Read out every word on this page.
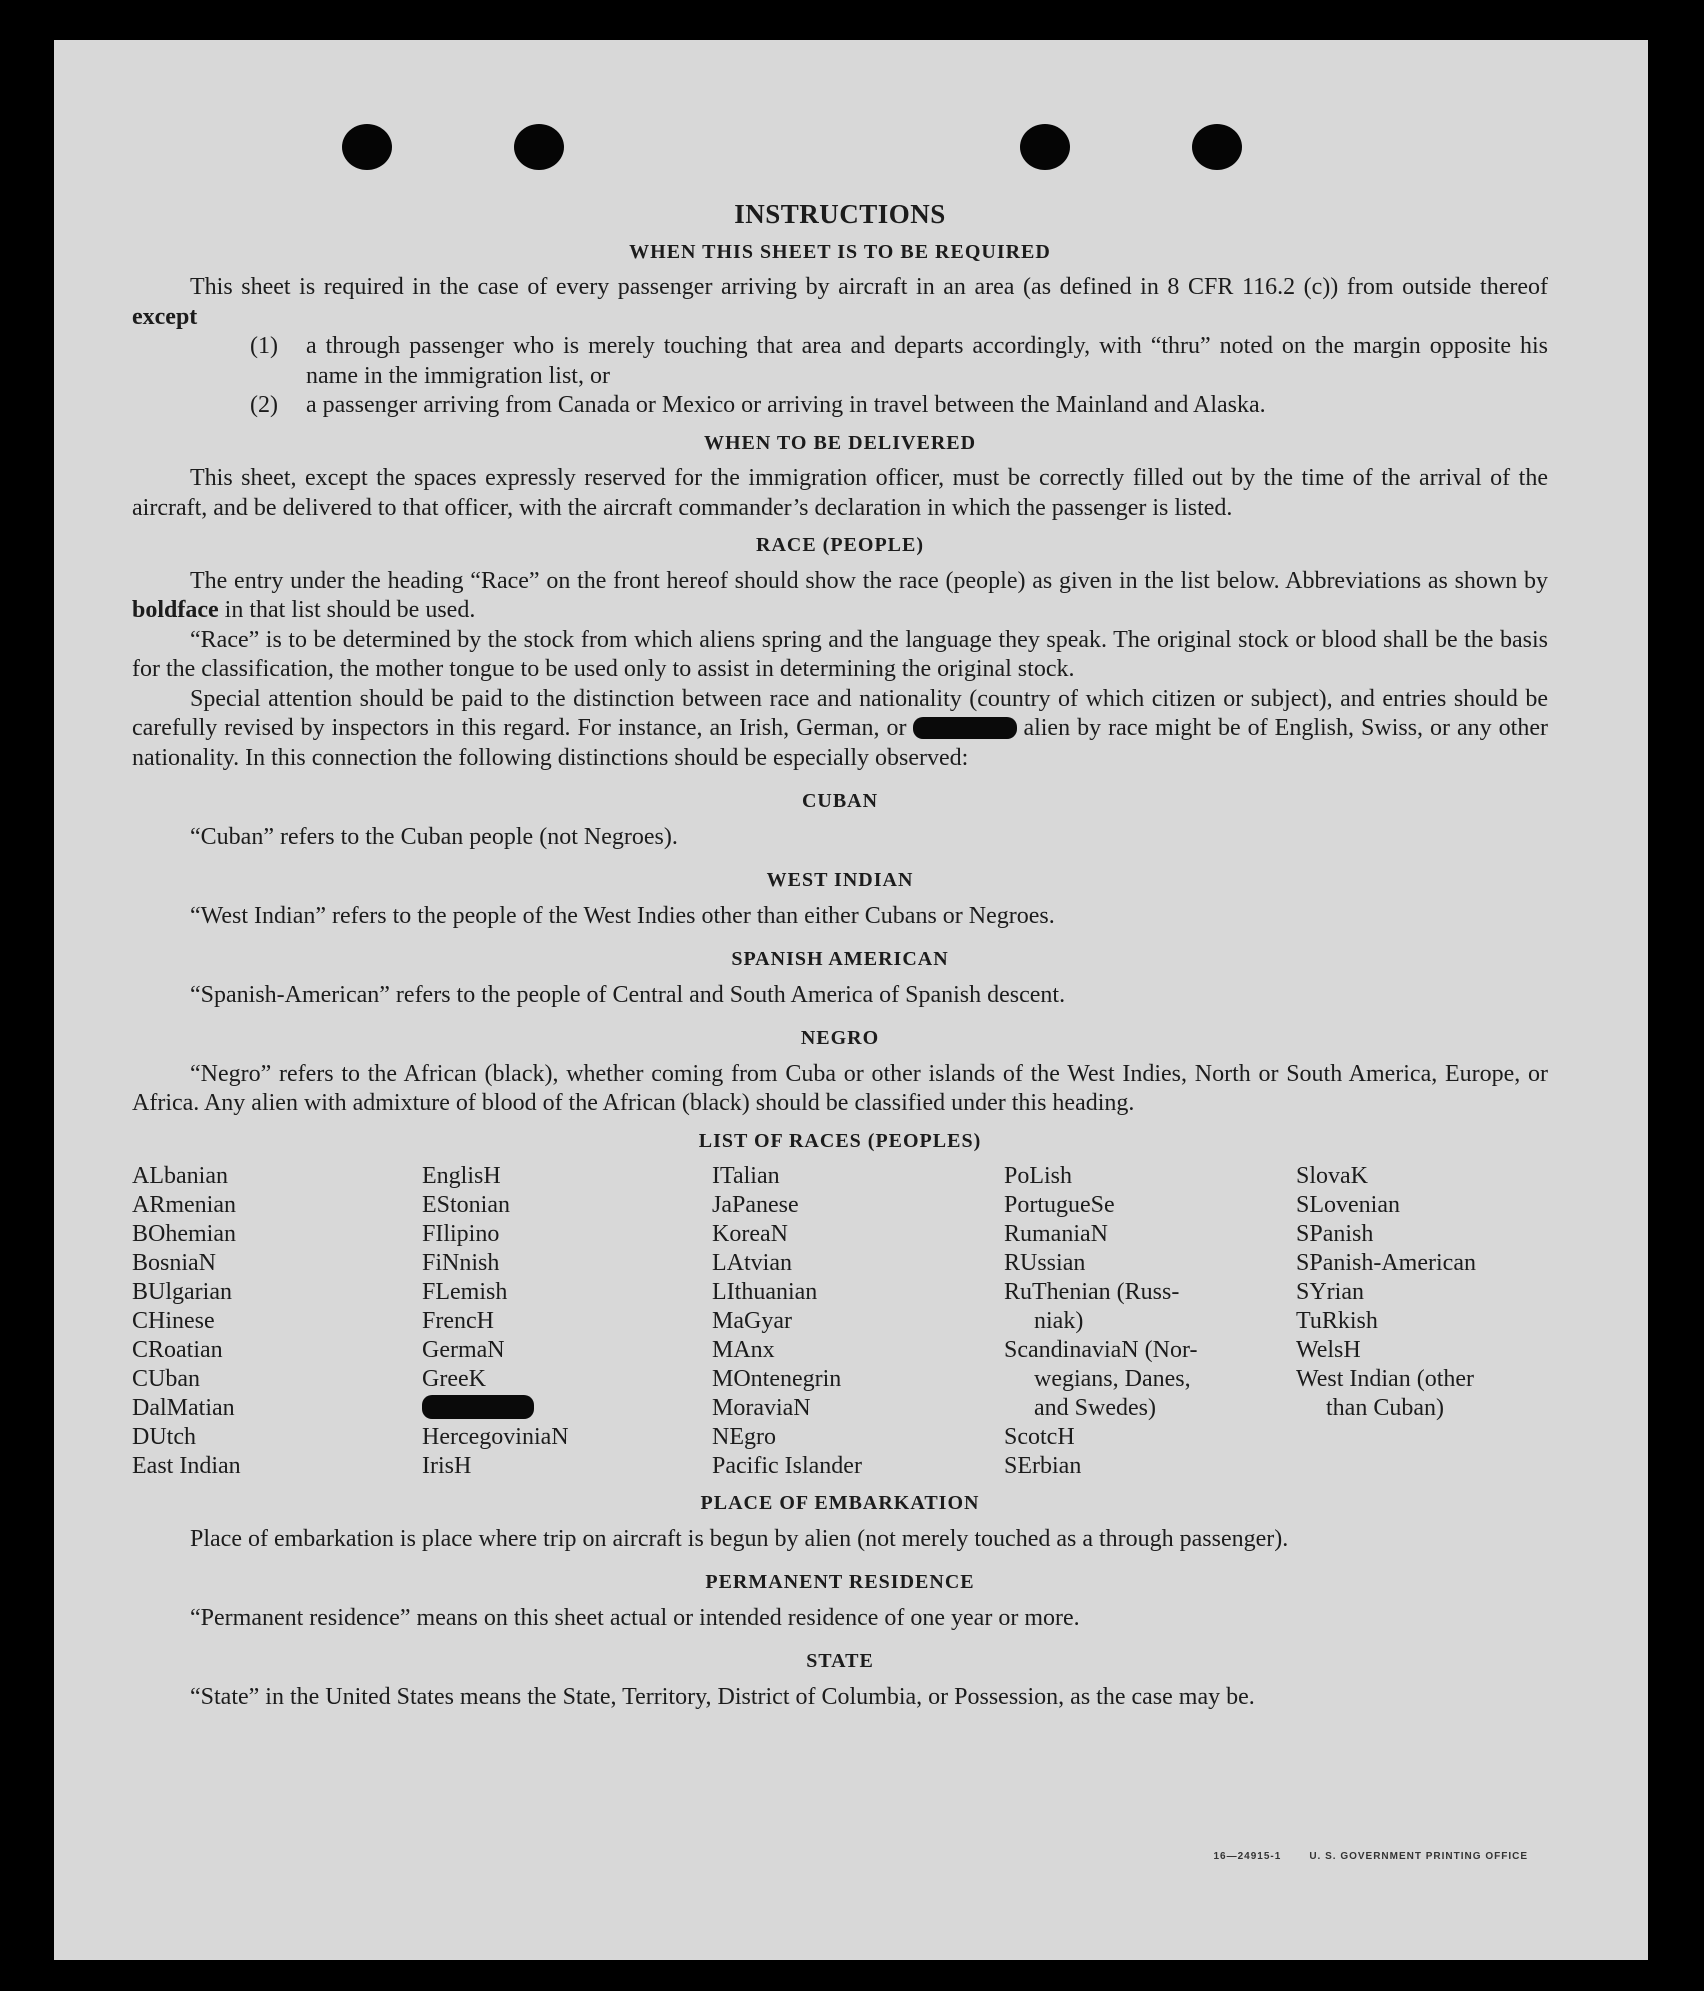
INSTRUCTIONS
WHEN THIS SHEET IS TO BE REQUIRED

This sheet is required in the case of every passenger arriving by aircraft in an area (as defined in 8 CFR 116.2 (c)) from outside thereof except

(1)	a through passenger who is merely touching that area and departs accordingly, with “thru” noted on the margin opposite his name in the immigration list, or
(2)	a passenger arriving from Canada or Mexico or arriving in travel between the Mainland and Alaska.
WHEN TO BE DELIVERED

This sheet, except the spaces expressly reserved for the immigration officer, must be correctly filled out by the time of the arrival of the aircraft, and be delivered to that officer, with the aircraft commander’s declaration in which the passenger is listed.

RACE (PEOPLE)

The entry under the heading “Race” on the front hereof should show the race (people) as given in the list below. Abbreviations as shown by boldface in that list should be used.

“Race” is to be determined by the stock from which aliens spring and the language they speak. The original stock or blood shall be the basis for the classification, the mother tongue to be used only to assist in determining the original stock.

Special attention should be paid to the distinction between race and nationality (country of which citizen or subject), and entries should be carefully revised by inspectors in this regard. For instance, an Irish, German, or	alien by race might be of English, Swiss, or any other nationality. In this connection the following distinctions should be especially observed:

CUBAN

“Cuban” refers to the Cuban people (not Negroes).

WEST INDIAN

“West Indian” refers to the people of the West Indies other than either Cubans or Negroes.

SPANISH AMERICAN

“Spanish-American” refers to the people of Central and South America of Spanish descent.

NEGRO

“Negro” refers to the African (black), whether coming from Cuba or other islands of the West Indies, North or South America, Europe, or Africa. Any alien with admixture of blood of the African (black) should be classified under this heading.

LIST OF RACES (PEOPLES)
ALbanian
ARmenian
BOhemian
BosniaN
BUlgarian
CHinese
CRoatian
CUban
DalMatian
DUtch
East Indian
EnglisH
EStonian
FIlipino
FiNnish
FLemish
FrencH
GermaN
GreeK
HercegoviniaN
IrisH
ITalian
JaPanese
KoreaN
LAtvian
LIthuanian
MaGyar
MAnx
MOntenegrin
MoraviaN
NEgro
Pacific Islander
PoLish
PortugueSe
RumaniaN
RUssian
RuThenian (Russ-
niak)
ScandinaviaN (Nor-
wegians, Danes,
and Swedes)
ScotcH
SErbian
SlovaK
SLovenian
SPanish
SPanish-American
SYrian
TuRkish
WelsH
West Indian (other
than Cuban)
PLACE OF EMBARKATION

Place of embarkation is place where trip on aircraft is begun by alien (not merely touched as a through passenger).

PERMANENT RESIDENCE

“Permanent residence” means on this sheet actual or intended residence of one year or more.

STATE

“State” in the United States means the State, Territory, District of Columbia, or Possession, as the case may be.

16—24915-1	U. S. GOVERNMENT PRINTING OFFICE
